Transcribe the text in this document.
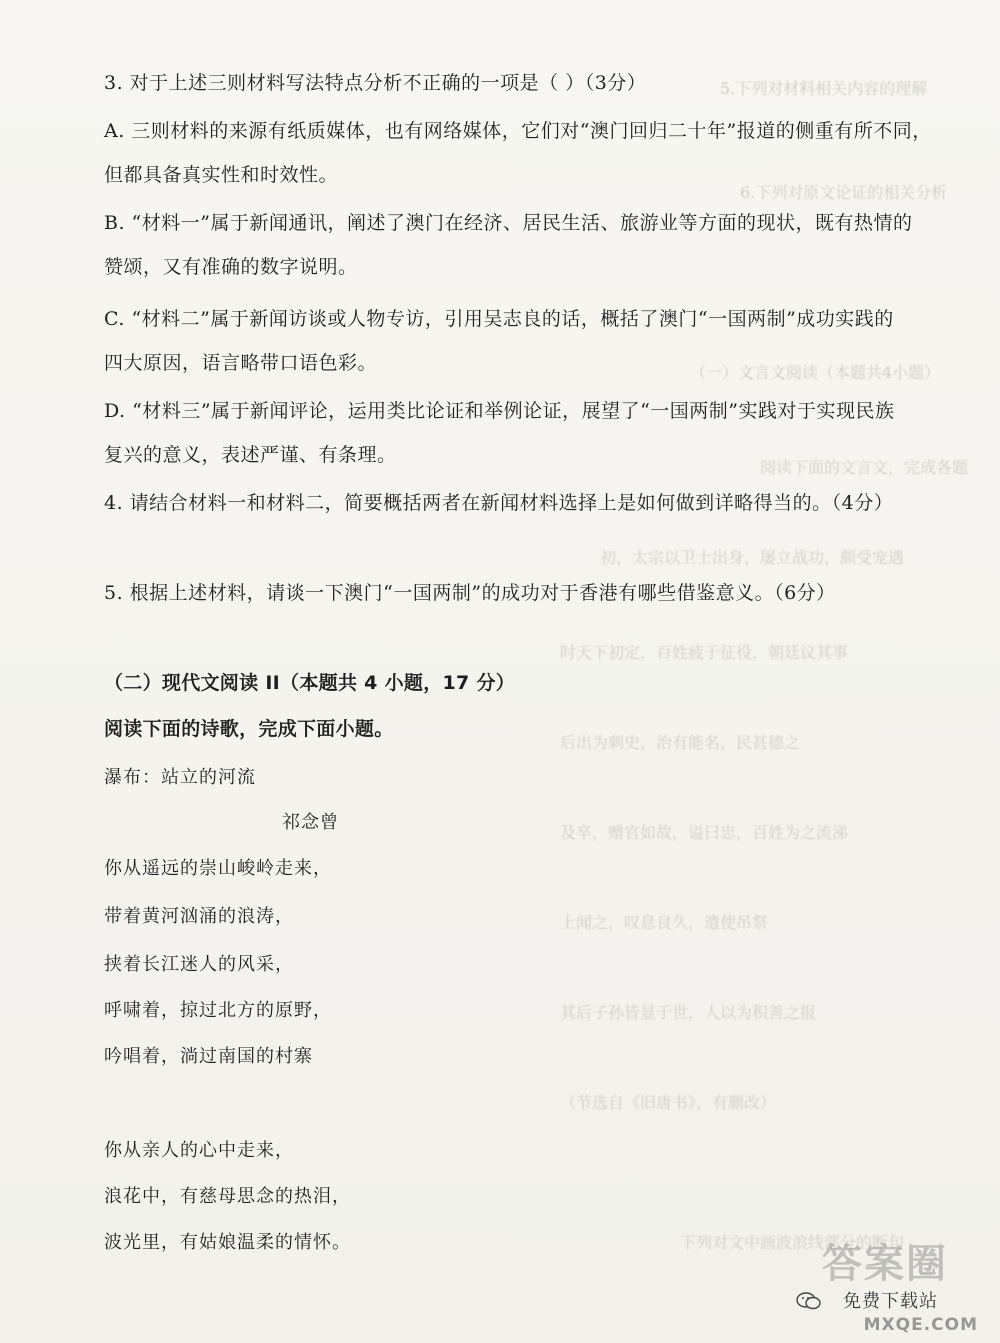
5.下列对材料相关内容的理解
6.下列对原文论证的相关分析
（一）文言文阅读（本题共4小题）
阅读下面的文言文，完成各题
初，太宗以卫士出身，屡立战功，颇受宠遇
时天下初定，百姓疲于征役，朝廷议其事
后出为刺史，治有能名，民甚德之
及卒，赠官如故，谥曰忠，百姓为之流涕
上闻之，叹息良久，遣使吊祭
其后子孙皆显于世，人以为积善之报
（节选自《旧唐书》，有删改）
下列对文中画波浪线部分的断句
3. 对于上述三则材料写法特点分析不正确的一项是（ ）（3分）
A. 三则材料的来源有纸质媒体，也有网络媒体，它们对“澳门回归二十年”报道的侧重有所不同，
但都具备真实性和时效性。
B. “材料一”属于新闻通讯，阐述了澳门在经济、居民生活、旅游业等方面的现状，既有热情的
赞颂，又有准确的数字说明。
C. “材料二”属于新闻访谈或人物专访，引用吴志良的话，概括了澳门“一国两制”成功实践的
四大原因，语言略带口语色彩。
D. “材料三”属于新闻评论，运用类比论证和举例论证，展望了“一国两制”实践对于实现民族
复兴的意义，表述严谨、有条理。
4. 请结合材料一和材料二，简要概括两者在新闻材料选择上是如何做到详略得当的。（4分）
5. 根据上述材料，请谈一下澳门“一国两制”的成功对于香港有哪些借鉴意义。（6分）
（二）现代文阅读 II（本题共 4 小题，17 分）
阅读下面的诗歌，完成下面小题。
瀑布：站立的河流
祁念曾
你从遥远的崇山峻岭走来，
带着黄河汹涌的浪涛，
挟着长江迷人的风采，
呼啸着，掠过北方的原野，
吟唱着，淌过南国的村寨
你从亲人的心中走来，
浪花中，有慈母思念的热泪，
波光里，有姑娘温柔的情怀。	答案圈
免费下载站
MXQE.COM
